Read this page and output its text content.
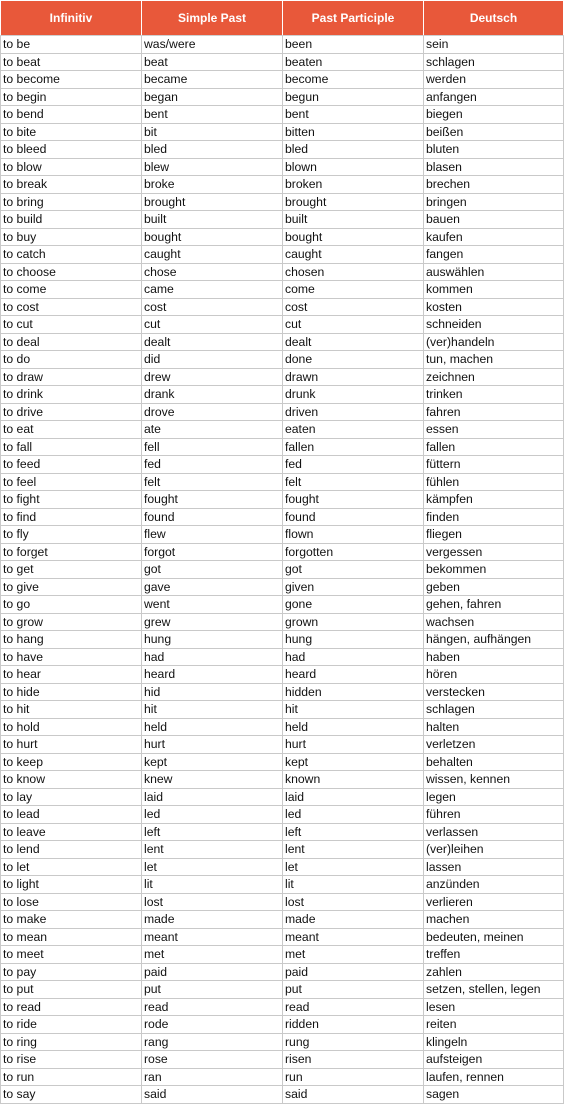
Infinitiv	Simple Past	Past Participle	Deutsch
to be	was/were	been	sein
to beat	beat	beaten	schlagen
to become	became	become	werden
to begin	began	begun	anfangen
to bend	bent	bent	biegen
to bite	bit	bitten	beißen
to bleed	bled	bled	bluten
to blow	blew	blown	blasen
to break	broke	broken	brechen
to bring	brought	brought	bringen
to build	built	built	bauen
to buy	bought	bought	kaufen
to catch	caught	caught	fangen
to choose	chose	chosen	auswählen
to come	came	come	kommen
to cost	cost	cost	kosten
to cut	cut	cut	schneiden
to deal	dealt	dealt	(ver)handeln
to do	did	done	tun, machen
to draw	drew	drawn	zeichnen
to drink	drank	drunk	trinken
to drive	drove	driven	fahren
to eat	ate	eaten	essen
to fall	fell	fallen	fallen
to feed	fed	fed	füttern
to feel	felt	felt	fühlen
to fight	fought	fought	kämpfen
to find	found	found	finden
to fly	flew	flown	fliegen
to forget	forgot	forgotten	vergessen
to get	got	got	bekommen
to give	gave	given	geben
to go	went	gone	gehen, fahren
to grow	grew	grown	wachsen
to hang	hung	hung	hängen, aufhängen
to have	had	had	haben
to hear	heard	heard	hören
to hide	hid	hidden	verstecken
to hit	hit	hit	schlagen
to hold	held	held	halten
to hurt	hurt	hurt	verletzen
to keep	kept	kept	behalten
to know	knew	known	wissen, kennen
to lay	laid	laid	legen
to lead	led	led	führen
to leave	left	left	verlassen
to lend	lent	lent	(ver)leihen
to let	let	let	lassen
to light	lit	lit	anzünden
to lose	lost	lost	verlieren
to make	made	made	machen
to mean	meant	meant	bedeuten, meinen
to meet	met	met	treffen
to pay	paid	paid	zahlen
to put	put	put	setzen, stellen, legen
to read	read	read	lesen
to ride	rode	ridden	reiten
to ring	rang	rung	klingeln
to rise	rose	risen	aufsteigen
to run	ran	run	laufen, rennen
to say	said	said	sagen
